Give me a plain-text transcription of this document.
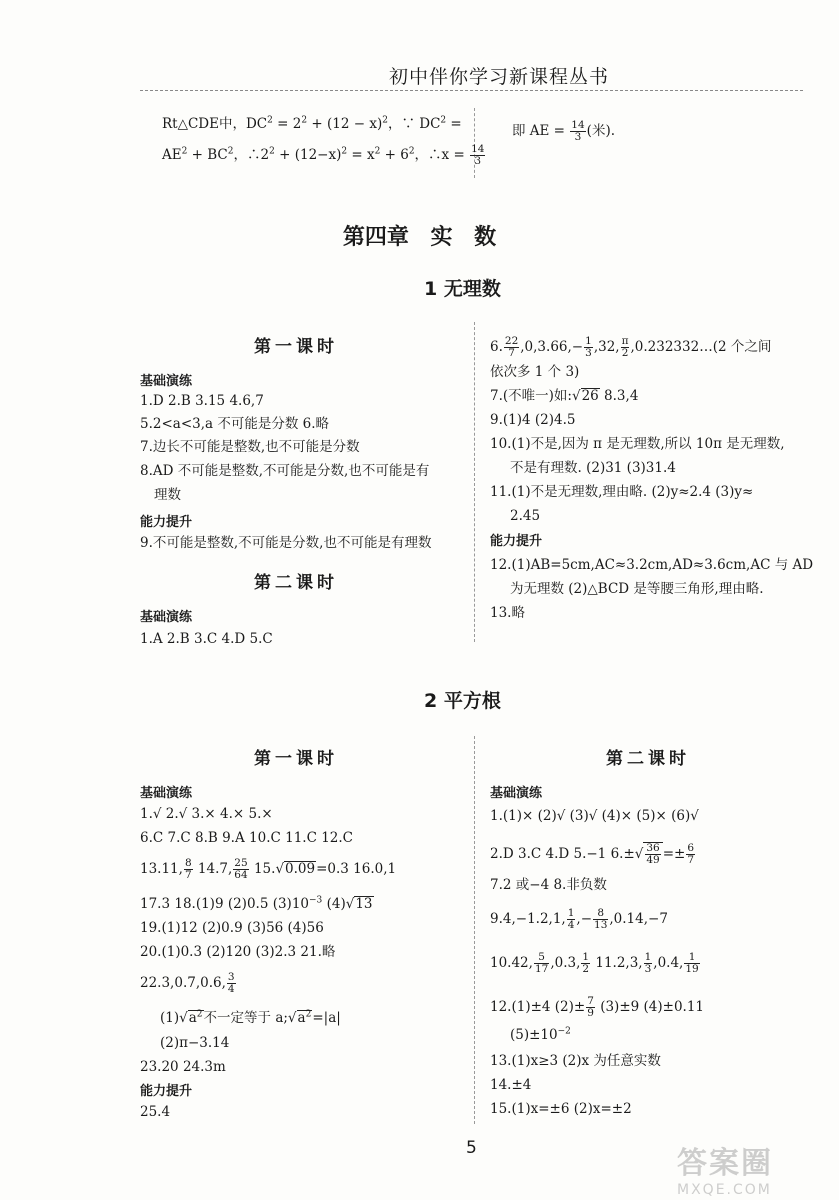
初中伴你学习新课程丛书
Rt△CDE中，$DC^2 = 2^2 + (12 - x)^2$，∵ $DC^2$ =
$AE^2 + BC^2$，$\therefore 2^2 + (12-x)^2 = x^2 + 6^2$，∴x = $\frac{14}{3}$
即 AE = $\frac{14}{3}$ (米).
第四章 实 数
1 无理数
第一课时
基础演练
1.D 2.B 3.15 4.6,7
5.2<a<3,a 不可能是分数 6.略
7.边长不可能是整数,也不可能是分数
8.AD 不可能是整数,不可能是分数,也不可能是有
理数
能力提升
9.不可能是整数,不可能是分数,也不可能是有理数
第二课时
基础演练
1.A 2.B 3.C 4.D 5.C
6. $\frac{22}{7} ,0,3.66,- \frac{1}{3} ,32$, $\frac{\pi}{2}$ ,0.232332…(2 个之间
依次多 1 个 3)
7.(不唯一)如:√26 8.3,4
9.(1)4 (2)4.5
10.(1)不是,因为 π 是无理数,所以 10π 是无理数,
不是有理数. (2)31 (3)31.4
11.(1)不是无理数,理由略. (2)y≈2.4 (3)y≈
2.45
能力提升
12.(1)AB=5cm,AC≈3.2cm,AD≈3.6cm,AC 与 AD
为无理数 (2)△BCD 是等腰三角形,理由略.
13.略
2 平方根
第一课时
基础演练
1.√ 2.√ 3.× 4.× 5.×
6.C 7.C 8.B 9.A 10.C 11.C 12.C
13.11, $\frac{8}{7} 14.7$, $\frac{25}{64} 15.√0.09=0.3$ 16.0,1
17.3 18.(1)9 (2)0.5 $(3)10^{-3}$ (4)√13
19.(1)12 (2)0.9 (3)56 (4)56
20.(1)0.3 (2)120 (3)2.3 21.略
22.3,0.7,0.6, $\frac{3}{4}$
$(1)√a^2$不一定等于 $a;√a^2=|a|$
(2)π−3.14
23.20 24.3m
能力提升
25.4
第二课时
基础演练
1.(1)× (2)√ (3)√ (4)× (5)× (6)√
2.D 3.C 4.D 5.−1 $6.\pm√ \frac{36}{49} =\pm \frac{6}{7}$
7.2 或−4 8.非负数
9.4,−1.2,1, $\frac{1}{4}$ ,− $\frac{8}{13} ,0.14,-7$
10.42, $\frac{5}{17} ,0.3$, $\frac{1}{2} 11.2,3$, $\frac{1}{3} ,0.4$, $\frac{1}{19}$
12.(1)±4 $(2)\pm \frac{7}{9} (3)\pm 9$ (4)±0.11
$(5)\pm 10^{-2}$
13.(1)x≥3 (2)x 为任意实数
14.±4
15.(1)x=±6 (2)x=±2
5	答案圈
MXQE.COM
